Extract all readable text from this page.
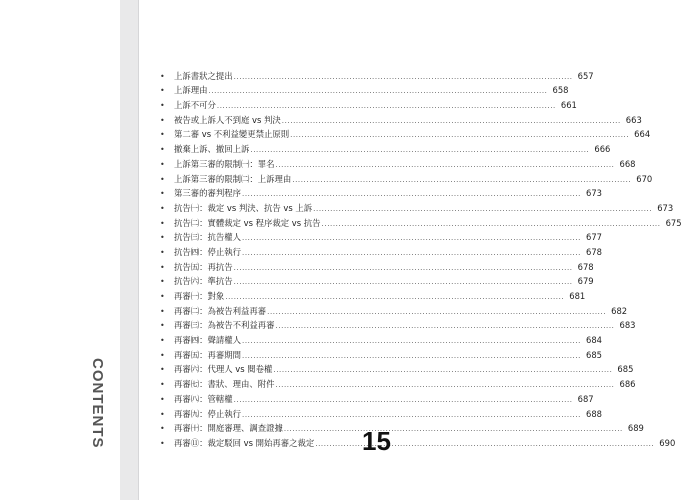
CONTENTS
•	上訴書狀之提出 ........................................................................................................................ 657
•	上訴理由 ........................................................................................................................ 658
•	上訴不可分 ........................................................................................................................ 661
•	被告或上訴人不到庭 vs 判決 ........................................................................................................................ 663
•	第二審 vs 不利益變更禁止原則 ........................................................................................................................ 664
•	撤棄上訴、撤回上訴 ........................................................................................................................ 666
•	上訴第三審的限制㈠：罪名 ........................................................................................................................ 668
•	上訴第三審的限制㈡：上訴理由 ........................................................................................................................ 670
•	第三審的審判程序 ........................................................................................................................ 673
•	抗告㈠：裁定 vs 判決、抗告 vs 上訴 ........................................................................................................................ 673
•	抗告㈡：實體裁定 vs 程序裁定 vs 抗告 ........................................................................................................................ 675
•	抗告㈢：抗告權人 ........................................................................................................................ 677
•	抗告㈣：停止執行 ........................................................................................................................ 678
•	抗告㈤：再抗告 ........................................................................................................................ 678
•	抗告㈥：準抗告 ........................................................................................................................ 679
•	再審㈠：對象 ........................................................................................................................ 681
•	再審㈡：為被告利益再審 ........................................................................................................................ 682
•	再審㈢：為被告不利益再審 ........................................................................................................................ 683
•	再審㈣：聲請權人 ........................................................................................................................ 684
•	再審㈤：再審期間 ........................................................................................................................ 685
•	再審㈥：代理人 vs 閱卷權 ........................................................................................................................ 685
•	再審㈦：書狀、理由、附件 ........................................................................................................................ 686
•	再審㈧：管轄權 ........................................................................................................................ 687
•	再審㈨：停止執行 ........................................................................................................................ 688
•	再審㈩：開庭審理、調查證據 ........................................................................................................................ 689
•	再審⑪：裁定駁回 vs 開始再審之裁定 ........................................................................................................................ 690
15
